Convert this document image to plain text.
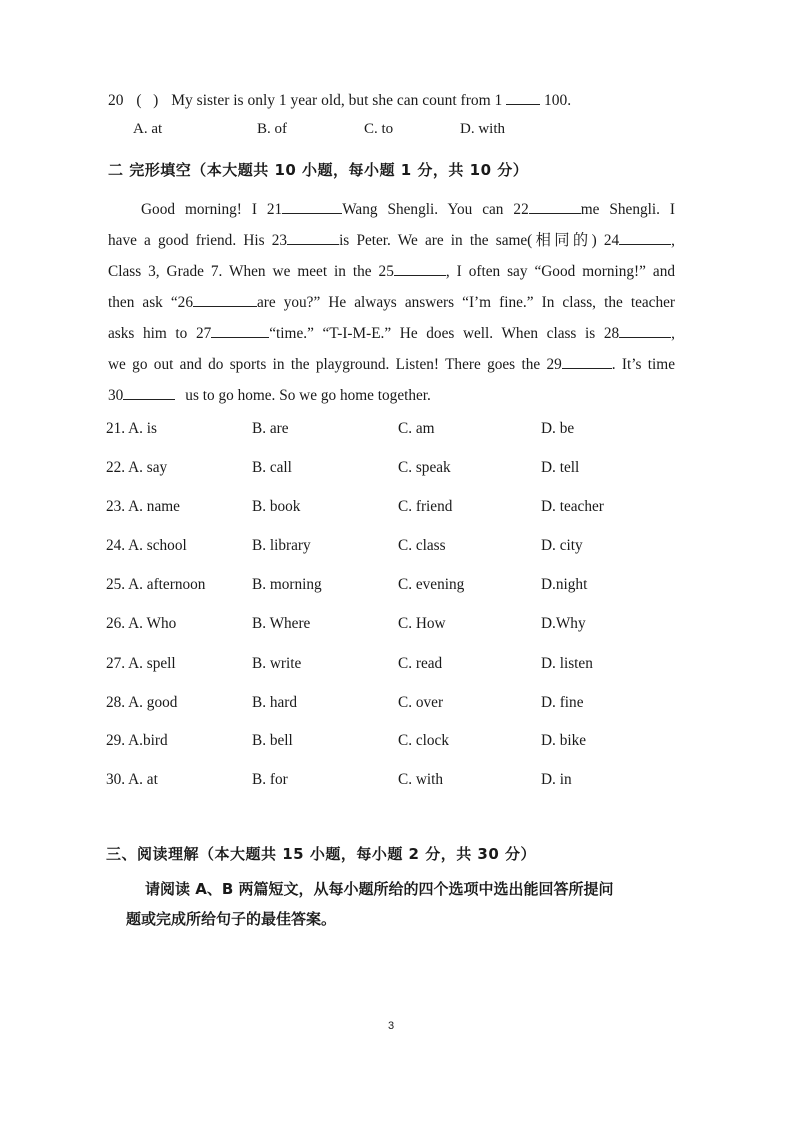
20 (   ) My sister is only 1 year old, but she can count from 1	100.
A. at	B. of	C. to	D. with
二 完形填空（本大题共 10 小题，每小题 1 分，共 10 分）
Good morning! I 21	Wang Shengli. You can 22	me Shengli. I
have a good friend. His 23	is Peter. We are in the same(相同的) 24	,
Class 3, Grade 7. When we meet in the 25	, I often say “Good morning!” and
then ask “26	are you?” He always answers “I’m fine.” In class, the teacher
asks him to 27	“time.” “T-I-M-E.” He does well. When class is 28	,
we go out and do sports in the playground. Listen! There goes the 29	. It’s time
30	us to go home. So we go home together.
21. A. is	B. are	C. am	D. be
22. A. say	B. call	C. speak	D. tell
23. A. name	B. book	C. friend	D. teacher
24. A. school	B. library	C. class	D. city
25. A. afternoon	B. morning	C. evening	D.night
26. A. Who	B. Where	C. How	D.Why
27. A. spell	B. write	C. read	D. listen
28. A. good	B. hard	C. over	D. fine
29. A.bird	B. bell	C. clock	D. bike
30. A. at	B. for	C. with	D. in
三、阅读理解（本大题共 15 小题，每小题 2 分，共 30 分）
请阅读 A、B 两篇短文，从每小题所给的四个选项中选出能回答所提问
题或完成所给句子的最佳答案。
3
